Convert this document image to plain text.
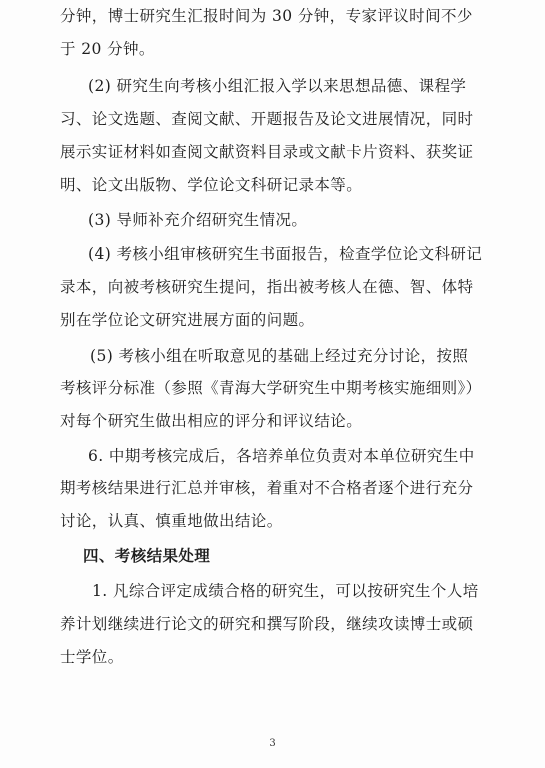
分钟，博士研究生汇报时间为 30 分钟，专家评议时间不少
于 20 分钟。
(2) 研究生向考核小组汇报入学以来思想品德、课程学
习、论文选题、查阅文献、开题报告及论文进展情况，同时
展示实证材料如查阅文献资料目录或文献卡片资料、获奖证
明、论文出版物、学位论文科研记录本等。
(3) 导师补充介绍研究生情况。
(4) 考核小组审核研究生书面报告，检查学位论文科研记
录本，向被考核研究生提问，指出被考核人在德、智、体特
别在学位论文研究进展方面的问题。
(5) 考核小组在听取意见的基础上经过充分讨论，按照
考核评分标准（参照《青海大学研究生中期考核实施细则》）
对每个研究生做出相应的评分和评议结论。
6. 中期考核完成后，各培养单位负责对本单位研究生中
期考核结果进行汇总并审核，着重对不合格者逐个进行充分
讨论，认真、慎重地做出结论。
四、考核结果处理
1. 凡综合评定成绩合格的研究生，可以按研究生个人培
养计划继续进行论文的研究和撰写阶段，继续攻读博士或硕
士学位。
3
